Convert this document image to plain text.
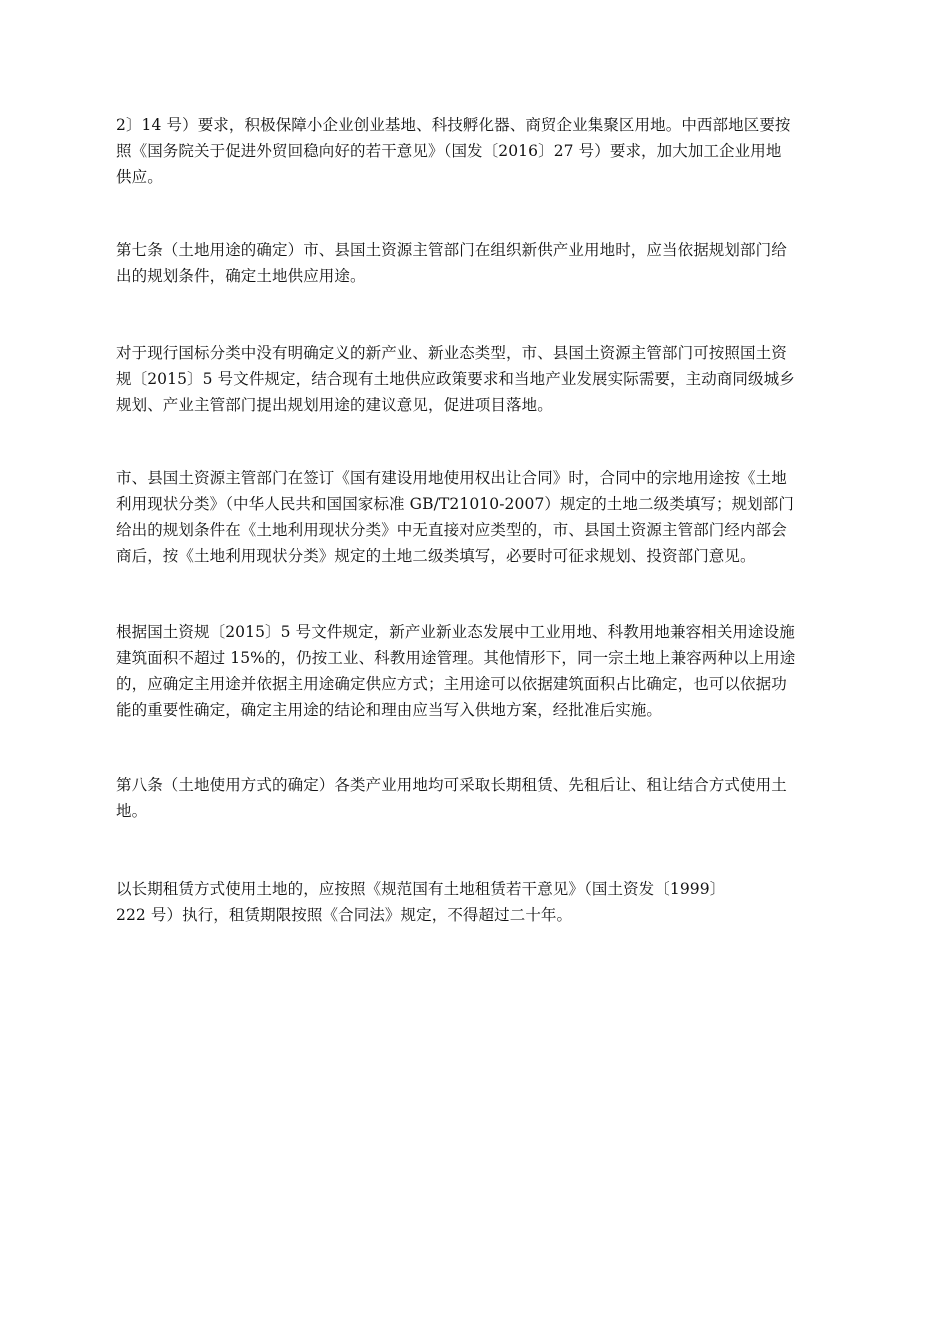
2〕14 号）要求，积极保障小企业创业基地、科技孵化器、商贸企业集聚区用地。中西部地区要按
照《国务院关于促进外贸回稳向好的若干意见》（国发〔2016〕27 号）要求，加大加工企业用地
供应。

第七条（土地用途的确定）市、县国土资源主管部门在组织新供产业用地时，应当依据规划部门给
出的规划条件，确定土地供应用途。

对于现行国标分类中没有明确定义的新产业、新业态类型，市、县国土资源主管部门可按照国土资
规〔2015〕5 号文件规定，结合现有土地供应政策要求和当地产业发展实际需要，主动商同级城乡
规划、产业主管部门提出规划用途的建议意见，促进项目落地。

市、县国土资源主管部门在签订《国有建设用地使用权出让合同》时，合同中的宗地用途按《土地
利用现状分类》（中华人民共和国国家标准 GB/T21010-2007）规定的土地二级类填写；规划部门
给出的规划条件在《土地利用现状分类》中无直接对应类型的，市、县国土资源主管部门经内部会
商后，按《土地利用现状分类》规定的土地二级类填写，必要时可征求规划、投资部门意见。

根据国土资规〔2015〕5 号文件规定，新产业新业态发展中工业用地、科教用地兼容相关用途设施
建筑面积不超过 15%的，仍按工业、科教用途管理。其他情形下，同一宗土地上兼容两种以上用途
的，应确定主用途并依据主用途确定供应方式；主用途可以依据建筑面积占比确定，也可以依据功
能的重要性确定，确定主用途的结论和理由应当写入供地方案，经批准后实施。

第八条（土地使用方式的确定）各类产业用地均可采取长期租赁、先租后让、租让结合方式使用土
地。

以长期租赁方式使用土地的，应按照《规范国有土地租赁若干意见》（国土资发〔1999〕
222 号）执行，租赁期限按照《合同法》规定，不得超过二十年。
